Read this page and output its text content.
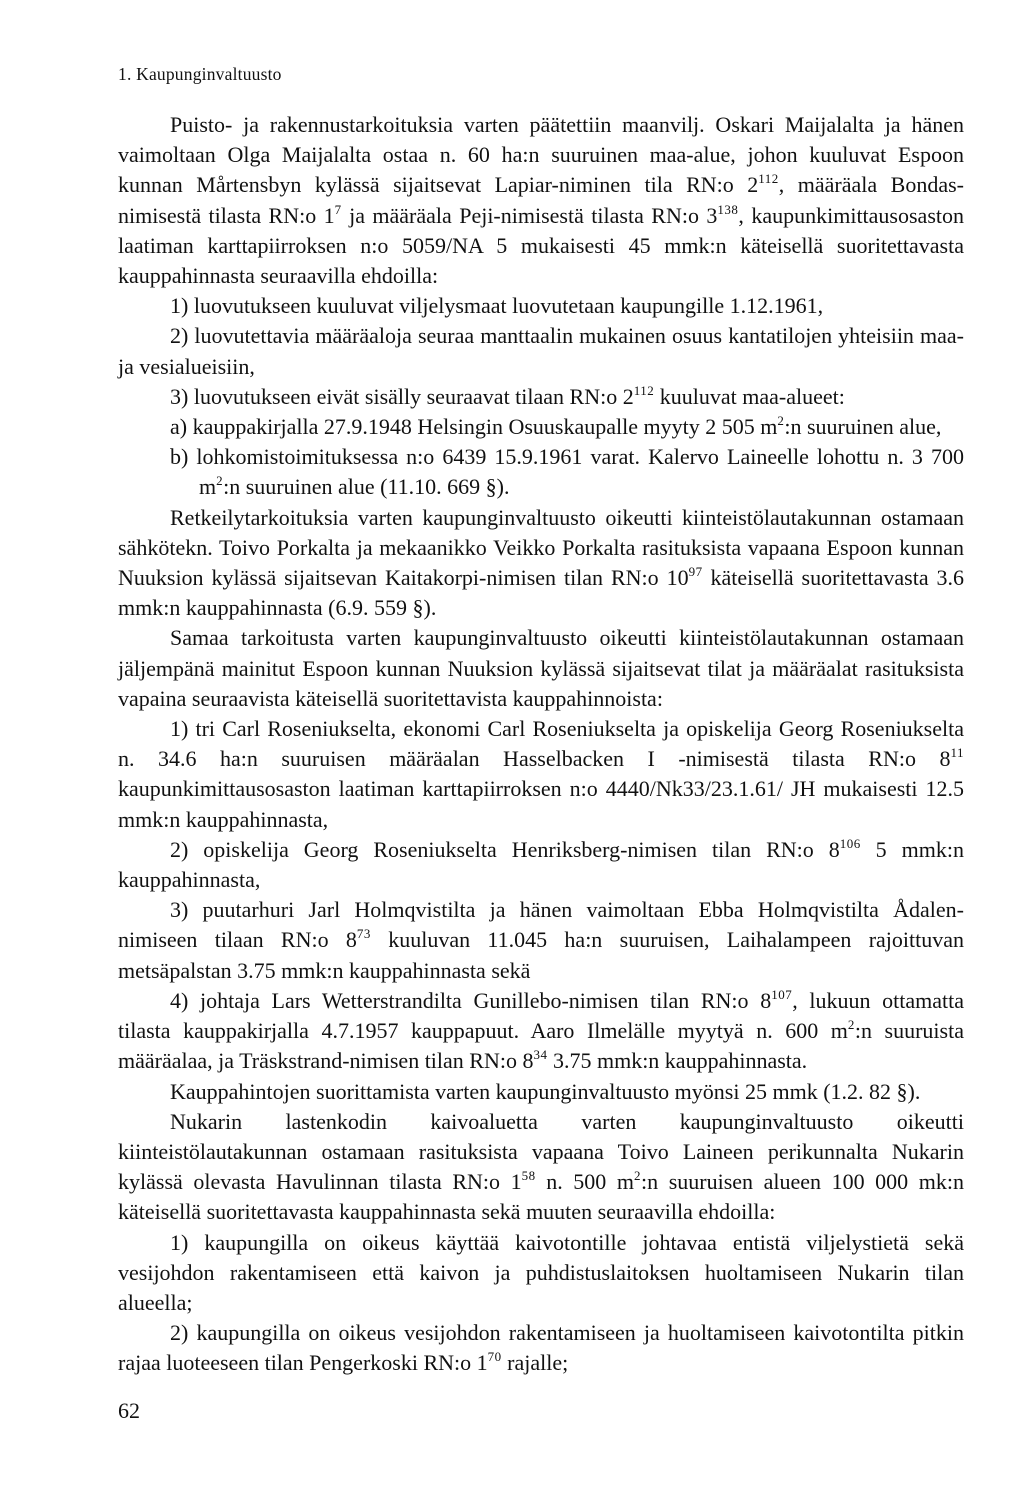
1. Kaupunginvaltuusto

Puisto- ja rakennustarkoituksia varten päätettiin maanvilj. Oskari Maijalalta ja hänen vaimoltaan Olga Maijalalta ostaa n. 60 ha:n suuruinen maa-alue, johon kuuluvat Espoon kunnan Mårtensbyn kylässä sijaitsevat Lapiar-niminen tila RN:o $2^{112}$, määräala Bondas-nimisestä tilasta RN:o $1^7$ ja määräala Peji-nimisestä tilasta RN:o $3^{138}$, kaupunkimittausosaston laatiman karttapiirroksen n:o 5059/NA 5 mukaisesti 45 mmk:n käteisellä suoritettavasta kauppahinnasta seuraavilla ehdoilla:

1) luovutukseen kuuluvat viljelysmaat luovutetaan kaupungille 1.12.1961,

2) luovutettavia määräaloja seuraa manttaalin mukainen osuus kantatilojen yhteisiin maa- ja vesialueisiin,

3) luovutukseen eivät sisälly seuraavat tilaan RN:o $2^{112}$ kuuluvat maa-alueet:

a) kauppakirjalla 27.9.1948 Helsingin Osuuskaupalle myyty 2 505 $m^2:n$ suuruinen alue,

b) lohkomistoimituksessa n:o 6439 15.9.1961 varat. Kalervo Laineelle lohottu n. 3 700 $m^2:n$ suuruinen alue (11.10. 669 §).

Retkeilytarkoituksia varten kaupunginvaltuusto oikeutti kiinteistölautakunnan ostamaan sähkötekn. Toivo Porkalta ja mekaanikko Veikko Porkalta rasituksista vapaana Espoon kunnan Nuuksion kylässä sijaitsevan Kaitakorpi-nimisen tilan RN:o $10^{97}$ käteisellä suoritettavasta 3.6 mmk:n kauppahinnasta (6.9. 559 §).

Samaa tarkoitusta varten kaupunginvaltuusto oikeutti kiinteistölautakunnan ostamaan jäljempänä mainitut Espoon kunnan Nuuksion kylässä sijaitsevat tilat ja määräalat rasituksista vapaina seuraavista käteisellä suoritettavista kauppahinnoista:

1) tri Carl Roseniukselta, ekonomi Carl Roseniukselta ja opiskelija Georg Roseniukselta n. 34.6 ha:n suuruisen määräalan Hasselbacken I -nimisestä tilasta RN:o $8^{11}$ kaupunkimittausosaston laatiman karttapiirroksen n:o 4440/Nk33/23.1.61/ JH mukaisesti 12.5 mmk:n kauppahinnasta,

2) opiskelija Georg Roseniukselta Henriksberg-nimisen tilan RN:o $8^{106}$ 5 mmk:n kauppahinnasta,

3) puutarhuri Jarl Holmqvistilta ja hänen vaimoltaan Ebba Holmqvistilta Ådalen-nimiseen tilaan RN:o $8^{73}$ kuuluvan 11.045 ha:n suuruisen, Laihalampeen rajoittuvan metsäpalstan 3.75 mmk:n kauppahinnasta sekä

4) johtaja Lars Wetterstrandilta Gunillebo-nimisen tilan RN:o $8^{107}$, lukuun ottamatta tilasta kauppakirjalla 4.7.1957 kauppapuut. Aaro Ilmelälle myytyä n. 600 $m^2:n$ suuruista määräalaa, ja Träskstrand-nimisen tilan RN:o $8^{34}$ 3.75 mmk:n kauppahinnasta.

Kauppahintojen suorittamista varten kaupunginvaltuusto myönsi 25 mmk (1.2. 82 §).

Nukarin lastenkodin kaivoaluetta varten kaupunginvaltuusto oikeutti kiinteistölautakunnan ostamaan rasituksista vapaana Toivo Laineen perikunnalta Nukarin kylässä olevasta Havulinnan tilasta RN:o $1^{58}$ n. 500 $m^2:n$ suuruisen alueen 100 000 mk:n käteisellä suoritettavasta kauppahinnasta sekä muuten seuraavilla ehdoilla:

1) kaupungilla on oikeus käyttää kaivotontille johtavaa entistä viljelystietä sekä vesijohdon rakentamiseen että kaivon ja puhdistuslaitoksen huoltamiseen Nukarin tilan alueella;

2) kaupungilla on oikeus vesijohdon rakentamiseen ja huoltamiseen kaivotontilta pitkin rajaa luoteeseen tilan Pengerkoski RN:o $1^{70}$ rajalle;

62
